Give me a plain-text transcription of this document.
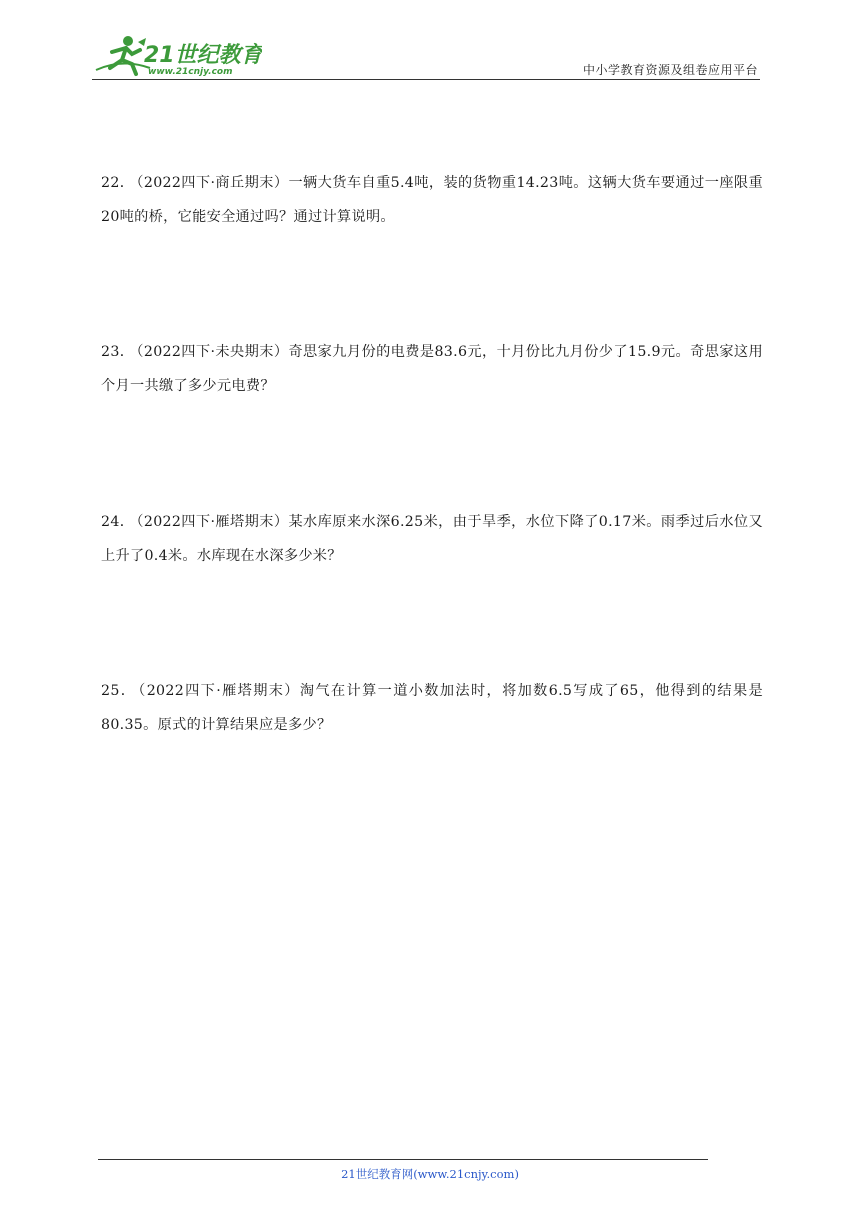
21世纪教育
www.21cnjy.com	中小学教育资源及组卷应用平台
22． （2022四下·商丘期末）一辆大货车自重5.4吨，装的货物重14.23吨。这辆大货车要通过一座限重20吨的桥，它能安全通过吗？通过计算说明。
23． （2022四下·未央期末）奇思家九月份的电费是83.6元，十月份比九月份少了15.9元。奇思家这用个月一共缴了多少元电费？
24． （2022四下·雁塔期末）某水库原来水深6.25米，由于旱季，水位下降了0.17米。雨季过后水位又上升了0.4米。水库现在水深多少米？
25． （2022四下·雁塔期末）淘气在计算一道小数加法时，将加数6.5写成了65，他得到的结果是80.35。原式的计算结果应是多少？
21世纪教育网(www.21cnjy.com)
